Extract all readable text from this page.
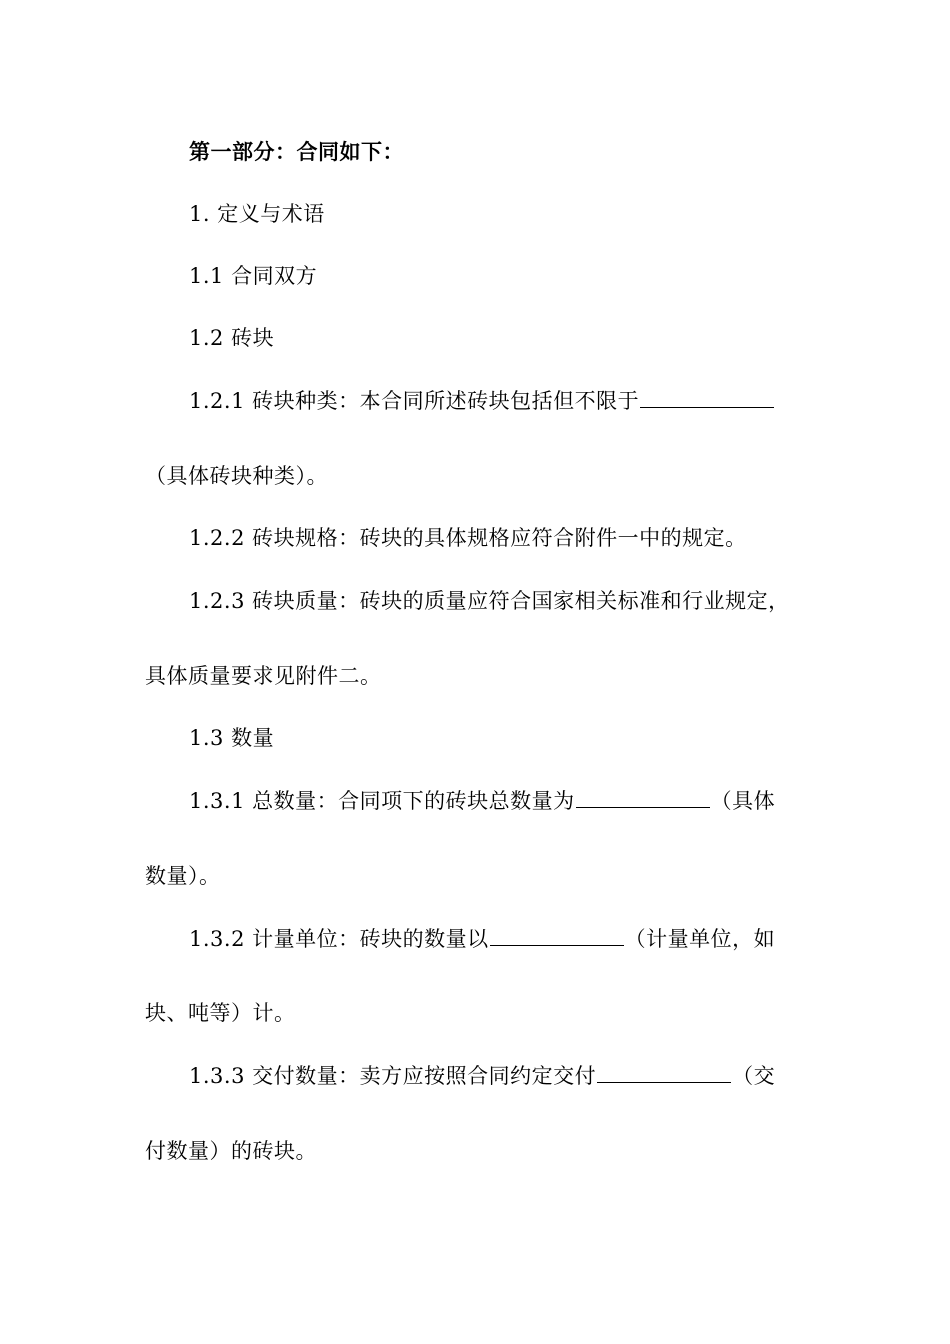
第一部分：合同如下：
1. 定义与术语
1.1 合同双方
1.2 砖块
1.2.1 砖块种类：本合同所述砖块包括但不限于
（具体砖块种类）。
1.2.2 砖块规格：砖块的具体规格应符合附件一中的规定。
1.2.3 砖块质量：砖块的质量应符合国家相关标准和行业规定，
具体质量要求见附件二。
1.3 数量
1.3.1 总数量：合同项下的砖块总数量为	（具体
数量）。
1.3.2 计量单位：砖块的数量以	（计量单位，如
块、吨等）计。
1.3.3 交付数量：卖方应按照合同约定交付	（交
付数量）的砖块。
